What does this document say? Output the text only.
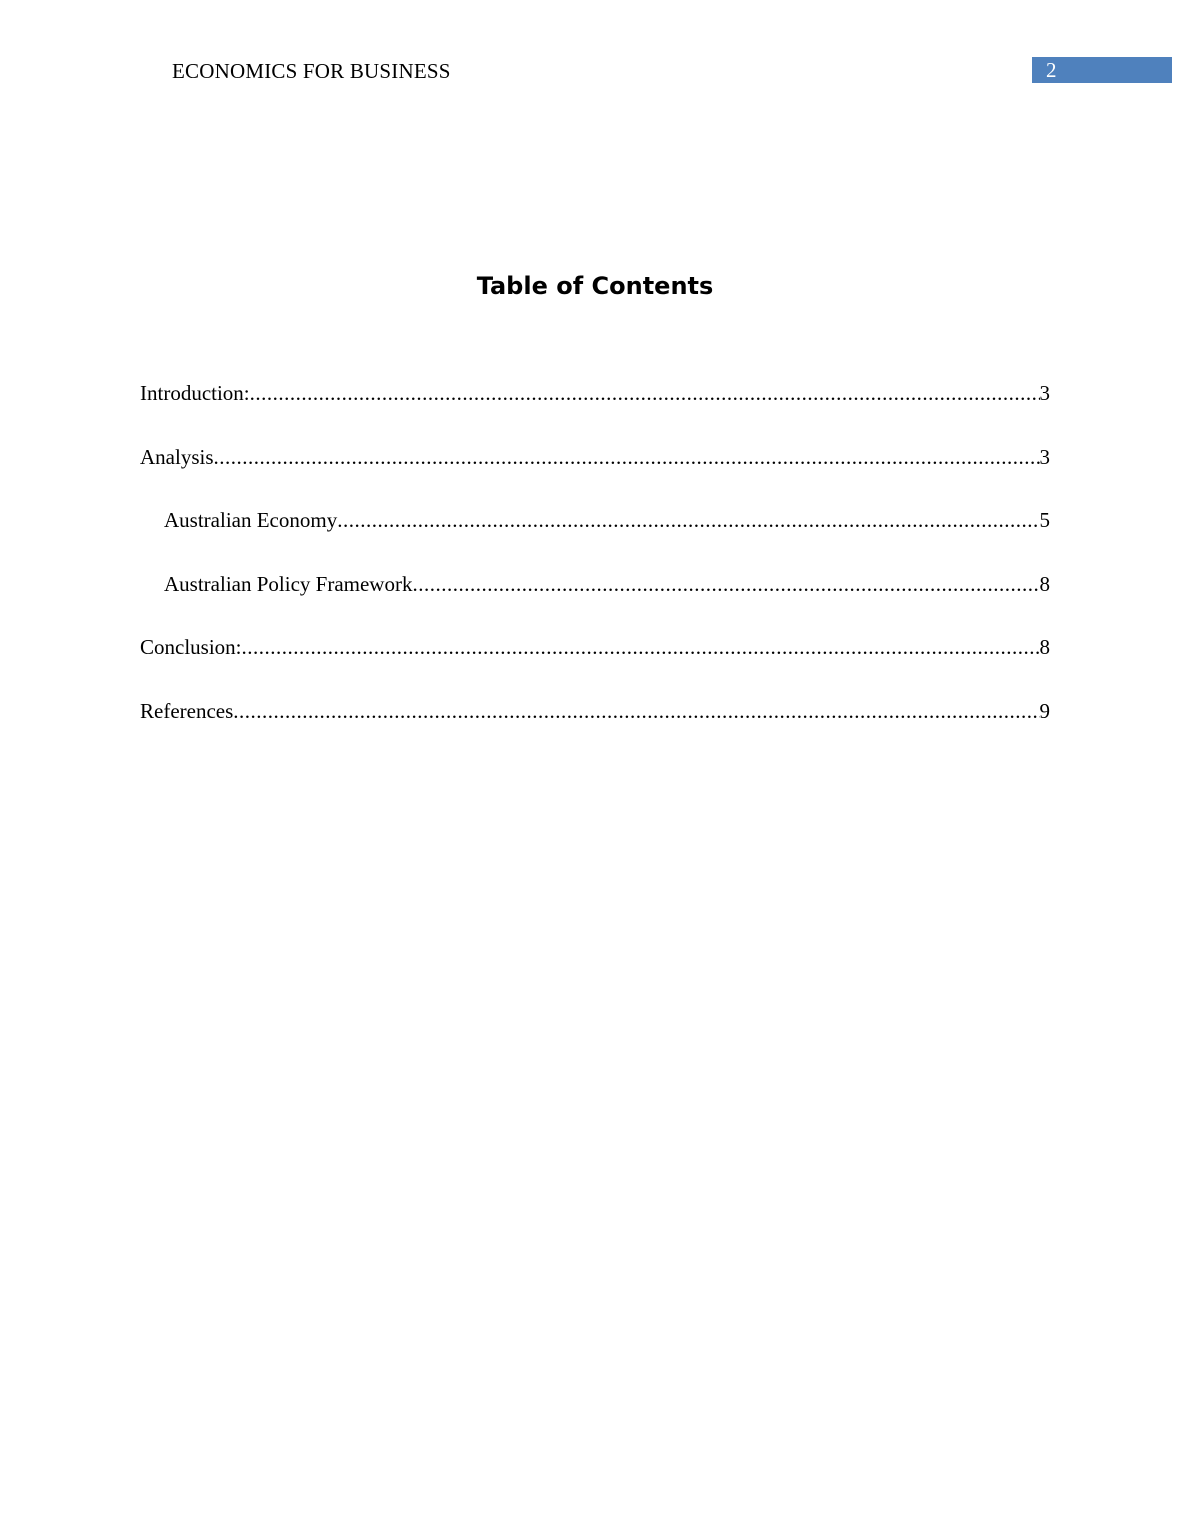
ECONOMICS FOR BUSINESS	2
Table of Contents
Introduction: .....	3
Analysis .....	3
Australian Economy .....	5
Australian Policy Framework .....	8
Conclusion: .....	8
References .....	9
